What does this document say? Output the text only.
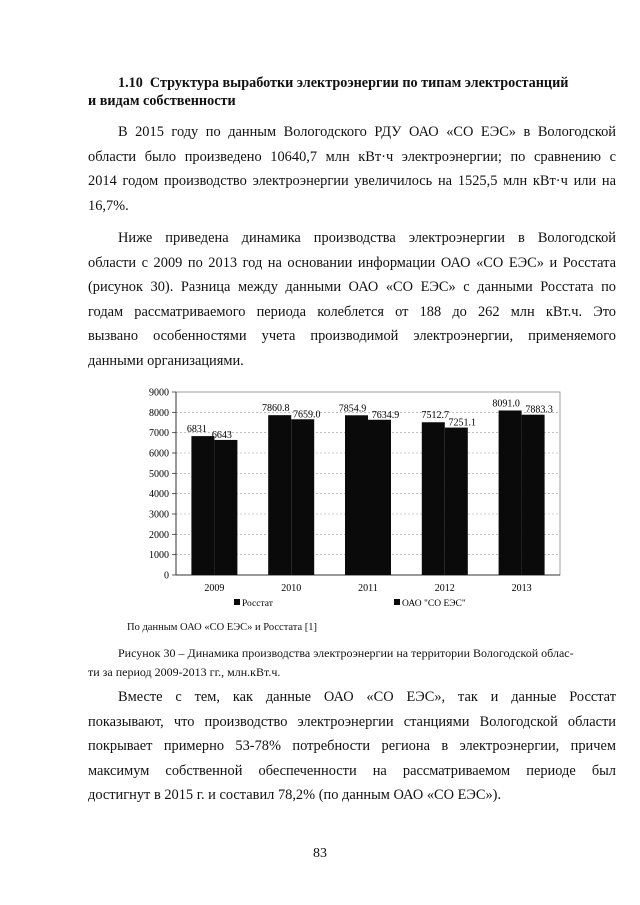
1.10 Структура выработки электроэнергии по типам электростанций
и видам собственности

В 2015 году по данным Вологодского РДУ ОАО «СО ЕЭС» в Вологодской
области было произведено 10640,7 млн кВт·ч электроэнергии; по сравнению с
2014 годом производство электроэнергии увеличилось на 1525,5 млн кВт·ч или на
16,7%.

Ниже приведена динамика производства электроэнергии в Вологодской
области с 2009 по 2013 год на основании информации ОАО «СО ЕЭС» и Росстата
(рисунок 30). Разница между данными ОАО «СО ЕЭС» с данными Росстата по
годам рассматриваемого периода колеблется от 188 до 262 млн кВт.ч. Это
вызвано особенностями учета производимой электроэнергии, применяемого
данными организациями.

0
1000
2000
3000
4000
5000
6000
7000
8000
9000
6831
6643
2009
7860.8
7659.0
2010
7854.9
7634.9
2011
7512.7
7251.1
2012
8091.0
7883.3
2013
Росстат	ОАО "СО ЕЭС"
По данным ОАО «СО ЕЭС» и Росстата [1]
Рисунок 30 – Динамика производства электроэнергии на территории Вологодской облас-
ти за период 2009-2013 гг., млн.кВт.ч.

Вместе с тем, как данные ОАО «СО ЕЭС», так и данные Росстат
показывают, что производство электроэнергии станциями Вологодской области
покрывает примерно 53-78% потребности региона в электроэнергии, причем
максимум собственной обеспеченности на рассматриваемом периоде был
достигнут в 2015 г. и составил 78,2% (по данным ОАО «СО ЕЭС»).

83
